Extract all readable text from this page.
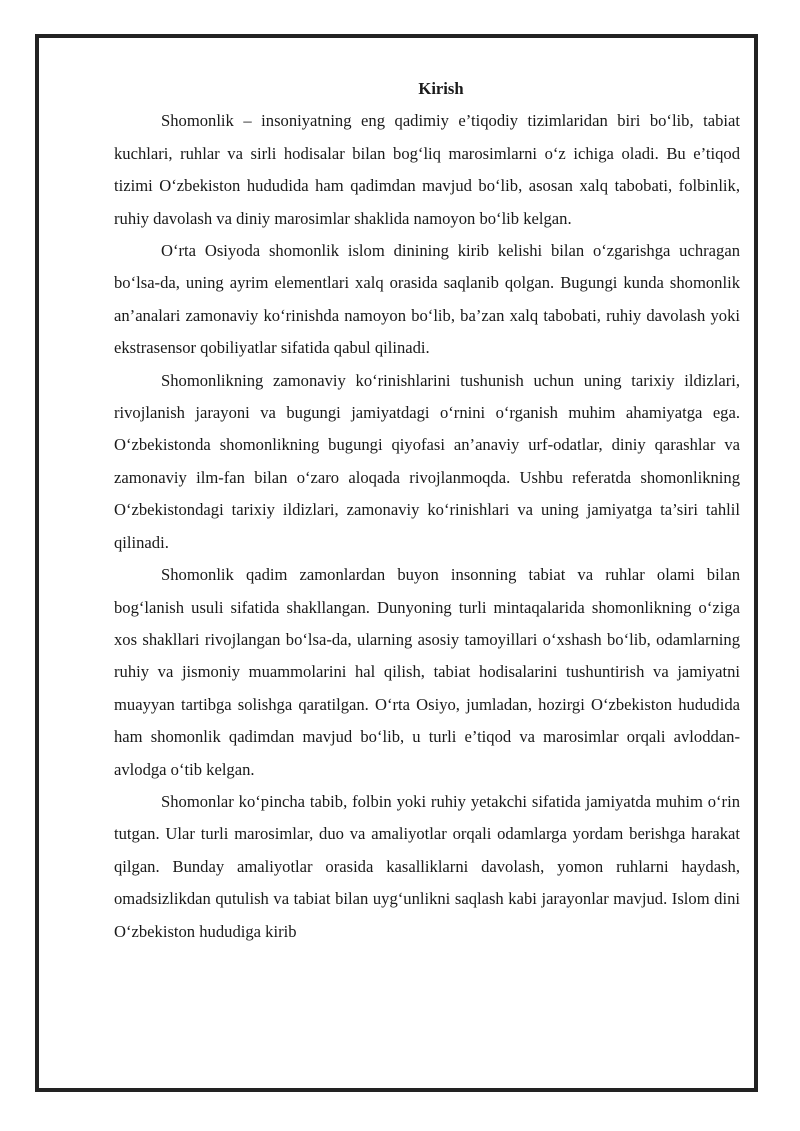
Kirish

Shomonlik – insoniyatning eng qadimiy e’tiqodiy tizimlaridan biri bo‘lib, tabiat kuchlari, ruhlar va sirli hodisalar bilan bog‘liq marosimlarni o‘z ichiga oladi. Bu e’tiqod tizimi O‘zbekiston hududida ham qadimdan mavjud bo‘lib, asosan xalq tabobati, folbinlik, ruhiy davolash va diniy marosimlar shaklida namoyon bo‘lib kelgan.

O‘rta Osiyoda shomonlik islom dinining kirib kelishi bilan o‘zgarishga uchragan bo‘lsa-da, uning ayrim elementlari xalq orasida saqlanib qolgan. Bugungi kunda shomonlik an’analari zamonaviy ko‘rinishda namoyon bo‘lib, ba’zan xalq tabobati, ruhiy davolash yoki ekstrasensor qobiliyatlar sifatida qabul qilinadi.

Shomonlikning zamonaviy ko‘rinishlarini tushunish uchun uning tarixiy ildizlari, rivojlanish jarayoni va bugungi jamiyatdagi o‘rnini o‘rganish muhim ahamiyatga ega. O‘zbekistonda shomonlikning bugungi qiyofasi an’anaviy urf-odatlar, diniy qarashlar va zamonaviy ilm-fan bilan o‘zaro aloqada rivojlanmoqda. Ushbu referatda shomonlikning O‘zbekistondagi tarixiy ildizlari, zamonaviy ko‘rinishlari va uning jamiyatga ta’siri tahlil qilinadi.

Shomonlik qadim zamonlardan buyon insonning tabiat va ruhlar olami bilan bog‘lanish usuli sifatida shakllangan. Dunyoning turli mintaqalarida shomonlikning o‘ziga xos shakllari rivojlangan bo‘lsa-da, ularning asosiy tamoyillari o‘xshash bo‘lib, odamlarning ruhiy va jismoniy muammolarini hal qilish, tabiat hodisalarini tushuntirish va jamiyatni muayyan tartibga solishga qaratilgan. O‘rta Osiyo, jumladan, hozirgi O‘zbekiston hududida ham shomonlik qadimdan mavjud bo‘lib, u turli e’tiqod va marosimlar orqali avloddan-avlodga o‘tib kelgan.

Shomonlar ko‘pincha tabib, folbin yoki ruhiy yetakchi sifatida jamiyatda muhim o‘rin tutgan. Ular turli marosimlar, duo va amaliyotlar orqali odamlarga yordam berishga harakat qilgan. Bunday amaliyotlar orasida kasalliklarni davolash, yomon ruhlarni haydash, omadsizlikdan qutulish va tabiat bilan uyg‘unlikni saqlash kabi jarayonlar mavjud. Islom dini O‘zbekiston hududiga kirib
